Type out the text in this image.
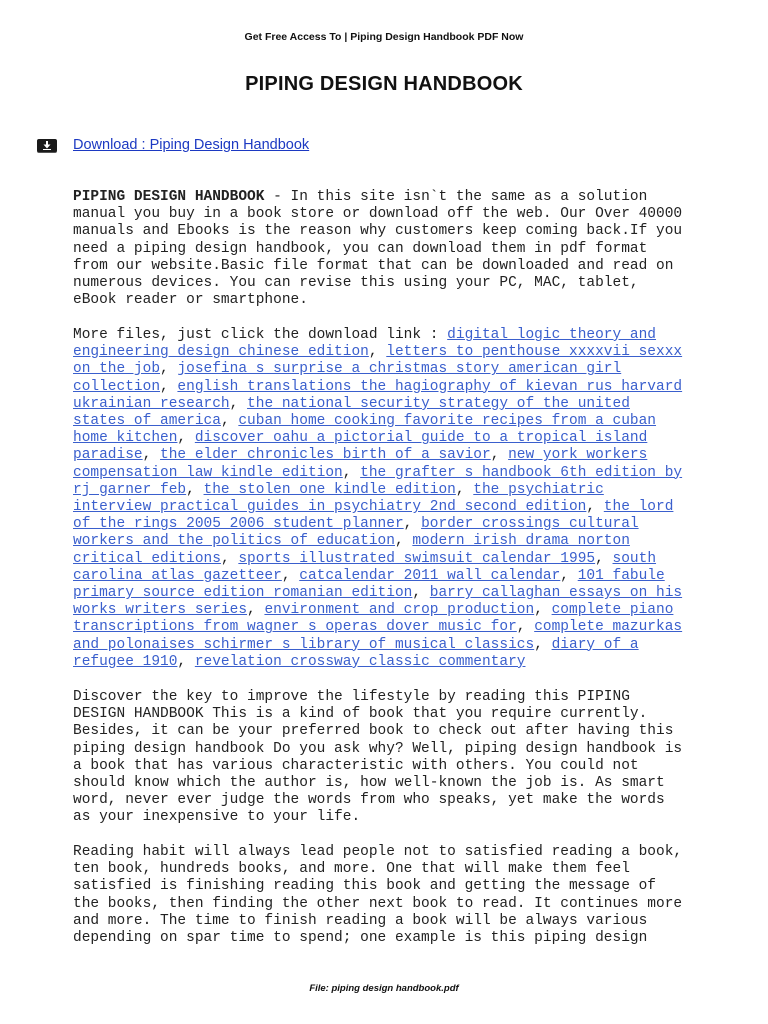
Get Free Access To | Piping Design Handbook PDF Now
PIPING DESIGN HANDBOOK
Download : Piping Design Handbook

PIPING DESIGN HANDBOOK - In this site isn`t the same as a solution
manual you buy in a book store or download off the web. Our Over 40000
manuals and Ebooks is the reason why customers keep coming back.If you
need a piping design handbook, you can download them in pdf format
from our website.Basic file format that can be downloaded and read on
numerous devices. You can revise this using your PC, MAC, tablet,
eBook reader or smartphone.

More files, just click the download link : digital logic theory and
engineering design chinese edition, letters to penthouse xxxxvii sexxx
on the job, josefina s surprise a christmas story american girl
collection, english translations the hagiography of kievan rus harvard
ukrainian research, the national security strategy of the united
states of america, cuban home cooking favorite recipes from a cuban
home kitchen, discover oahu a pictorial guide to a tropical island
paradise, the elder chronicles birth of a savior, new york workers
compensation law kindle edition, the grafter s handbook 6th edition by
rj garner feb, the stolen one kindle edition, the psychiatric
interview practical guides in psychiatry 2nd second edition, the lord
of the rings 2005 2006 student planner, border crossings cultural
workers and the politics of education, modern irish drama norton
critical editions, sports illustrated swimsuit calendar 1995, south
carolina atlas gazetteer, catcalendar 2011 wall calendar, 101 fabule
primary source edition romanian edition, barry callaghan essays on his
works writers series, environment and crop production, complete piano
transcriptions from wagner s operas dover music for, complete mazurkas
and polonaises schirmer s library of musical classics, diary of a
refugee 1910, revelation crossway classic commentary

Discover the key to improve the lifestyle by reading this PIPING
DESIGN HANDBOOK This is a kind of book that you require currently.
Besides, it can be your preferred book to check out after having this
piping design handbook Do you ask why? Well, piping design handbook is
a book that has various characteristic with others. You could not
should know which the author is, how well-known the job is. As smart
word, never ever judge the words from who speaks, yet make the words
as your inexpensive to your life.

Reading habit will always lead people not to satisfied reading a book,
ten book, hundreds books, and more. One that will make them feel
satisfied is finishing reading this book and getting the message of
the books, then finding the other next book to read. It continues more
and more. The time to finish reading a book will be always various
depending on spar time to spend; one example is this piping design

File: piping design handbook.pdf
